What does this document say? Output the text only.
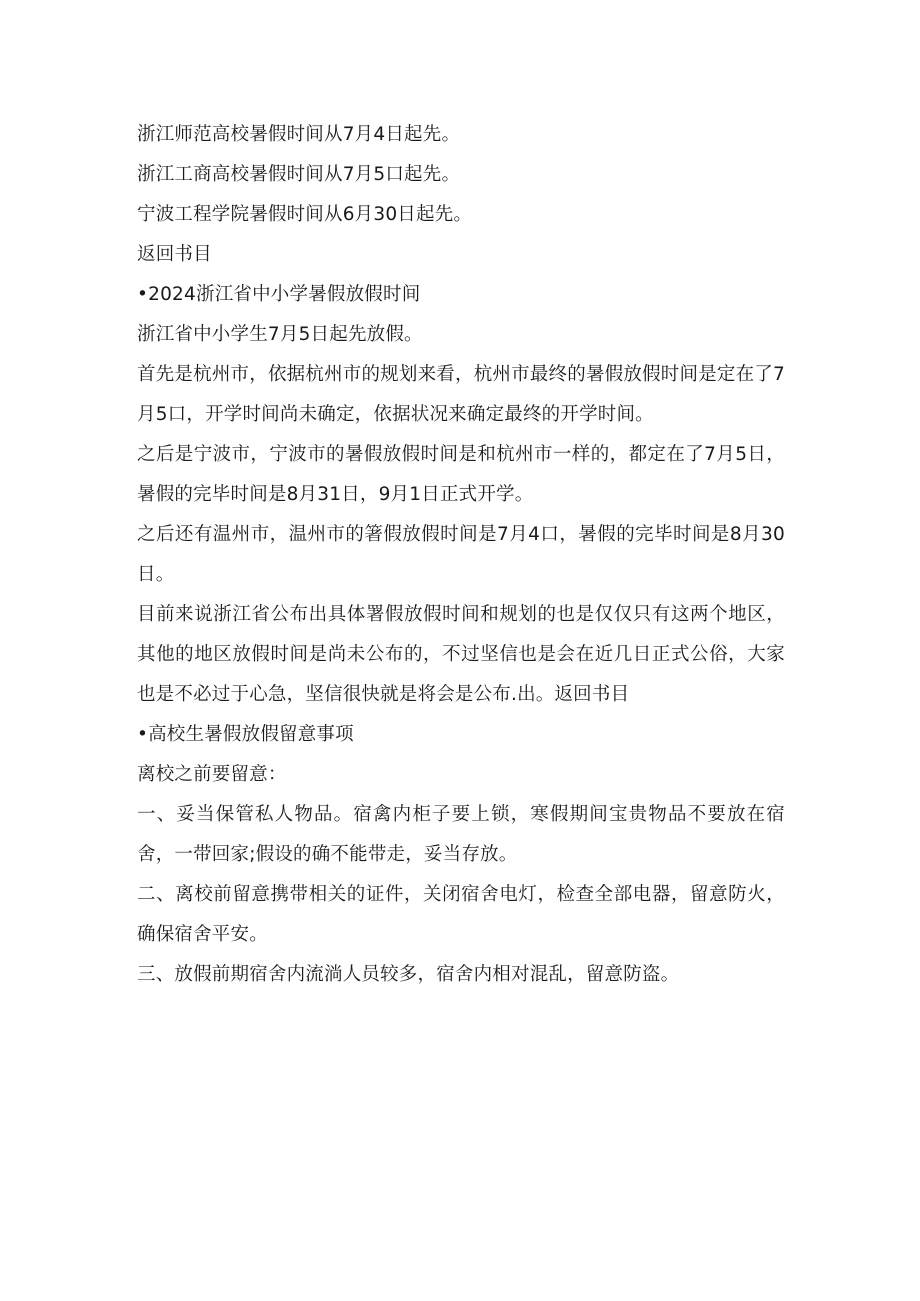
浙江师范高校暑假时间从7月4日起先。

浙江工商高校暑假时间从7月5口起先。

宁波工程学院暑假时间从6月30日起先。

返回书目

•2024浙江省中小学暑假放假时间

浙江省中小学生7月5日起先放假。

首先是杭州市，依据杭州市的规划来看，杭州市最终的暑假放假时间是定在了7月5口，开学时间尚未确定，依据状况来确定最终的开学时间。

之后是宁波市，宁波市的暑假放假时间是和杭州市一样的，都定在了7月5日，暑假的完毕时间是8月31日，9月1日正式开学。

之后还有温州市，温州市的箸假放假时间是7月4口，暑假的完毕时间是8月30日。

目前来说浙江省公布出具体署假放假时间和规划的也是仅仅只有这两个地区，其他的地区放假时间是尚未公布的，不过坚信也是会在近几日正式公俗，大家也是不必过于心急，坚信很快就是将会是公布.出。返回书目

•高校生暑假放假留意事项

离校之前要留意：

一、妥当保管私人物品。宿禽内柜子要上锁，寒假期间宝贵物品不要放在宿舍，一带回家;假设的确不能带走，妥当存放。

二、离校前留意携带相关的证件，关闭宿舍电灯，检查全部电器，留意防火，确保宿舍平安。

三、放假前期宿舍内流淌人员较多，宿舍内相对混乱，留意防盗。
